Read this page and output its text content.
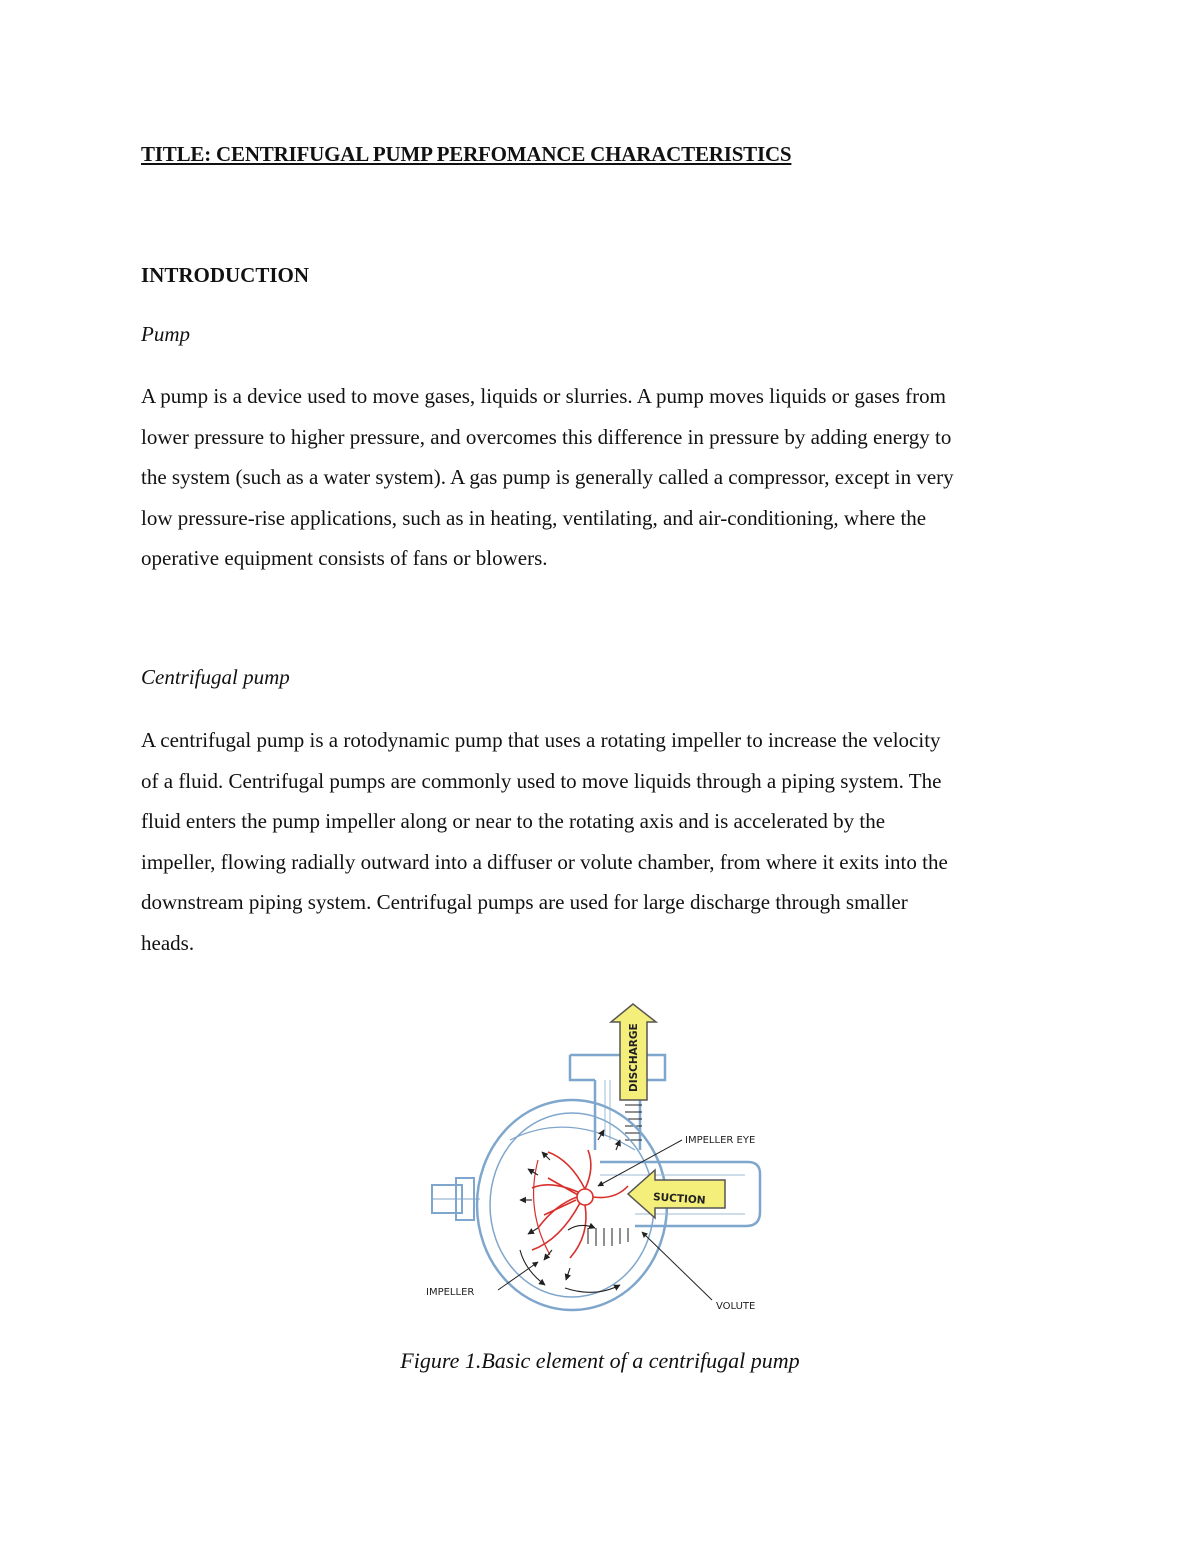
TITLE: CENTRIFUGAL PUMP PERFOMANCE CHARACTERISTICS
INTRODUCTION
Pump

A pump is a device used to move gases, liquids or slurries. A pump moves liquids or gases from
lower pressure to higher pressure, and overcomes this difference in pressure by adding energy to
the system (such as a water system). A gas pump is generally called a compressor, except in very
low pressure-rise applications, such as in heating, ventilating, and air-conditioning, where the
operative equipment consists of fans or blowers.

Centrifugal pump

A centrifugal pump is a rotodynamic pump that uses a rotating impeller to increase the velocity
of a fluid. Centrifugal pumps are commonly used to move liquids through a piping system. The
fluid enters the pump impeller along or near to the rotating axis and is accelerated by the
impeller, flowing radially outward into a diffuser or volute chamber, from where it exits into the
downstream piping system. Centrifugal pumps are used for large discharge through smaller
heads.

DISCHARGE
SUCTION
IMPELLER EYE
IMPELLER
VOLUTE
Figure 1.Basic element of a centrifugal pump
